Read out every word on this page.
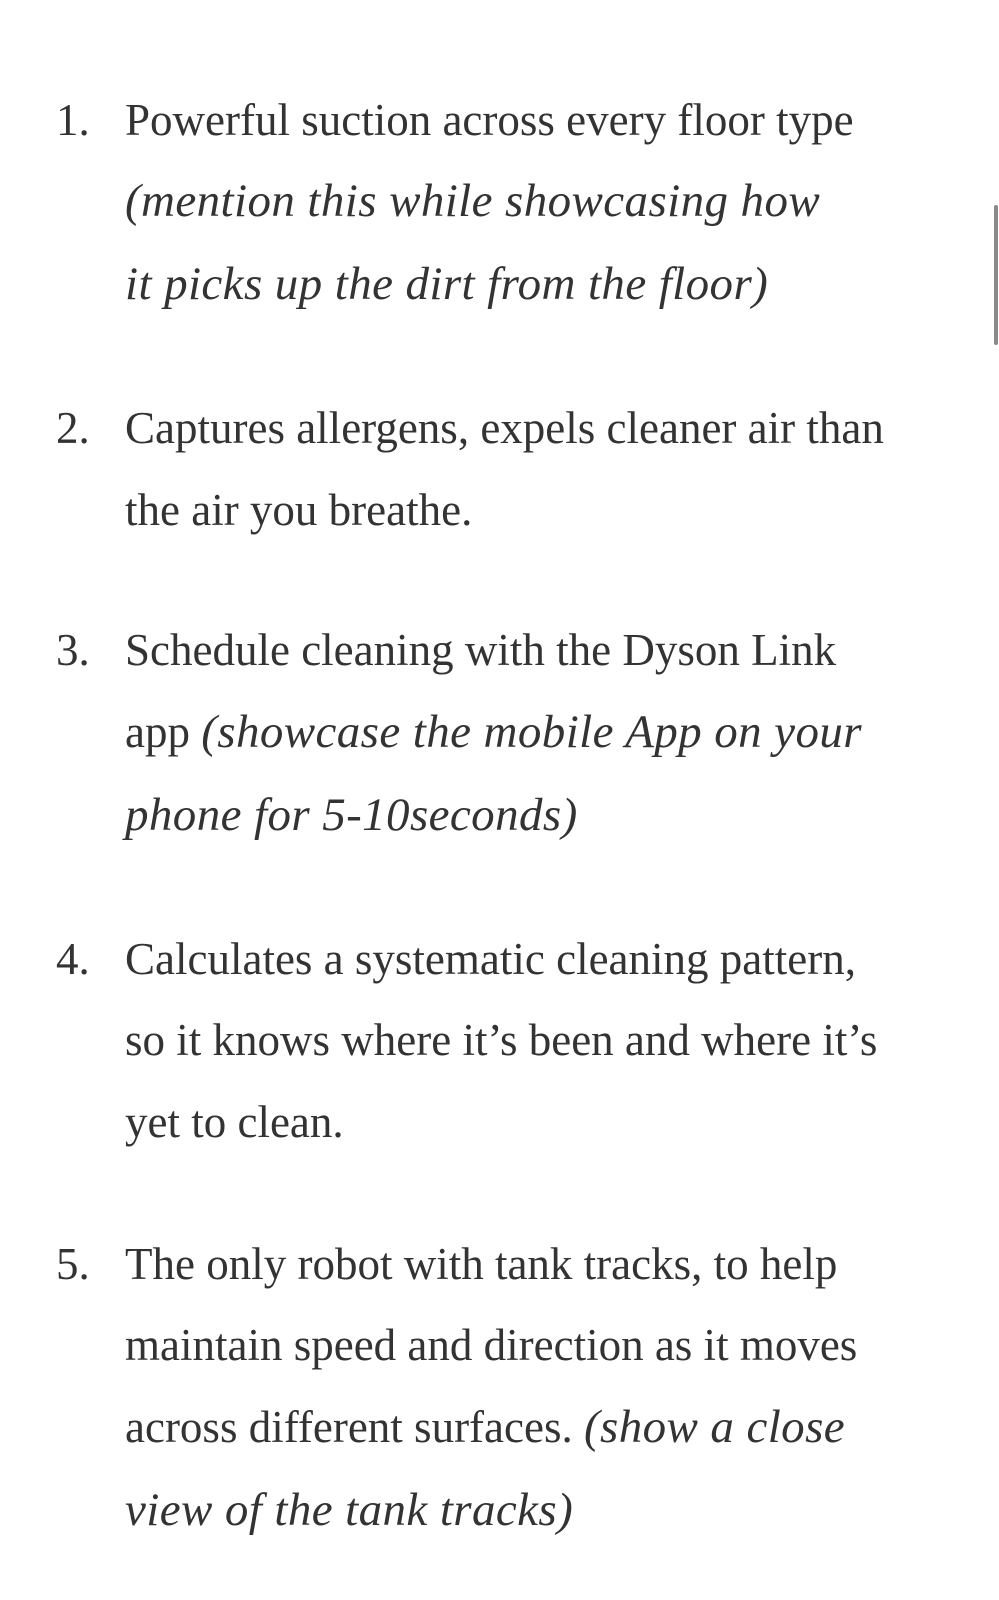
1. Powerful suction across every floor type
(mention this while showcasing how
it picks up the dirt from the floor)
2. Captures allergens, expels cleaner air than
the air you breathe.
3. Schedule cleaning with the Dyson Link
app (showcase the mobile App on your
phone for 5-10seconds)
4. Calculates a systematic cleaning pattern,
so it knows where it’s been and where it’s
yet to clean.
5. The only robot with tank tracks, to help
maintain speed and direction as it moves
across different surfaces. (show a close
view of the tank tracks)
